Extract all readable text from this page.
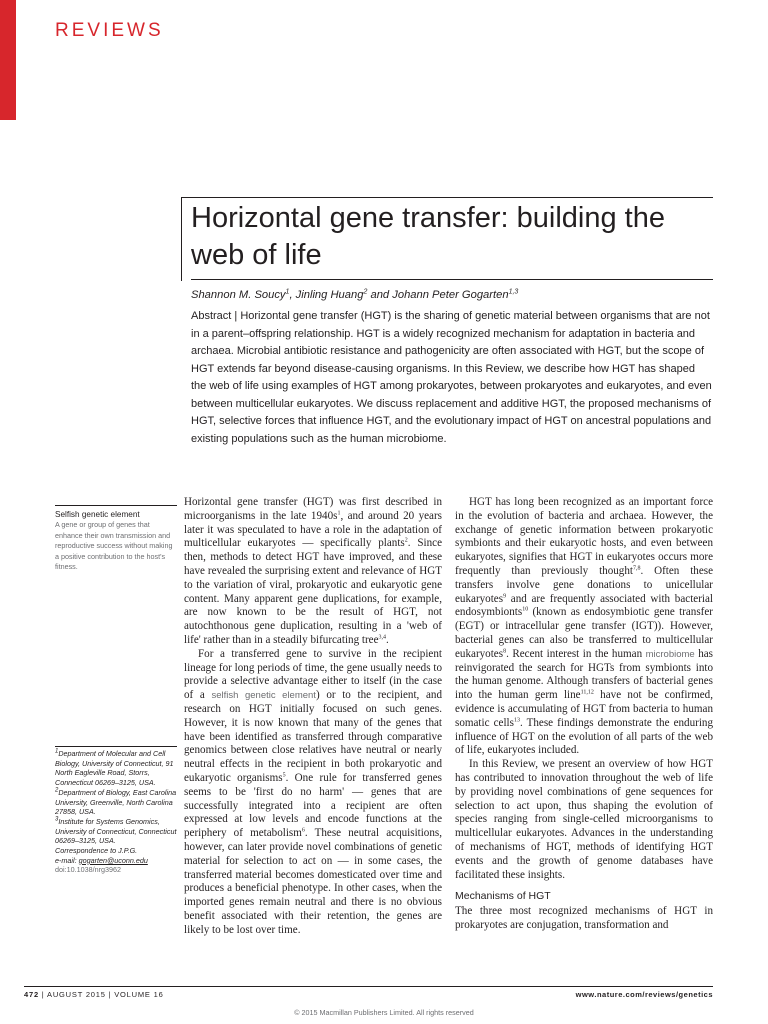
REVIEWS
Horizontal gene transfer: building the web of life
Shannon M. Soucy$^1$, Jinling Huang$^2$ and Johann Peter Gogarten$^{1,3}$
Abstract | Horizontal gene transfer (HGT) is the sharing of genetic material between organisms that are not in a parent–offspring relationship. HGT is a widely recognized mechanism for adaptation in bacteria and archaea. Microbial antibiotic resistance and pathogenicity are often associated with HGT, but the scope of HGT extends far beyond disease-causing organisms. In this Review, we describe how HGT has shaped the web of life using examples of HGT among prokaryotes, between prokaryotes and eukaryotes, and even between multicellular eukaryotes. We discuss replacement and additive HGT, the proposed mechanisms of HGT, selective forces that influence HGT, and the evolutionary impact of HGT on ancestral populations and existing populations such as the human microbiome.
Selfish genetic element
A gene or group of genes that enhance their own transmission and reproductive success without making a positive contribution to the host's fitness.
$^1$Department of Molecular and Cell Biology, University of Connecticut, 91 North Eagleville Road, Storrs, Connecticut 06269–3125, USA.
$^2$Department of Biology, East Carolina University, Greenville, North Carolina 27858, USA.
$^3$Institute for Systems Genomics, University of Connecticut, Connecticut 06269–3125, USA.
Correspondence to J.P.G.
e-mail: gogarten@uconn.edu
doi:10.1038/nrg3962

Horizontal gene transfer (HGT) was first described in microorganisms in the late $1940s^1$, and around 20 years later it was speculated to have a role in the adaptation of multicellular eukaryotes — specifically plants$^2$. Since then, methods to detect HGT have improved, and these have revealed the surprising extent and relevance of HGT to the variation of viral, prokaryotic and eukaryotic gene content. Many apparent gene duplications, for example, are now known to be the result of HGT, not autochthonous gene duplication, resulting in a 'web of life' rather than in a steadily bifurcating tree$^{3,4}$.

For a transferred gene to survive in the recipient lineage for long periods of time, the gene usually needs to provide a selective advantage either to itself (in the case of a selfish genetic element) or to the recipient, and research on HGT initially focused on such genes. However, it is now known that many of the genes that have been identified as transferred through comparative genomics between close relatives have neutral or nearly neutral effects in the recipient in both prokaryotic and eukaryotic organisms$^5$. One rule for transferred genes seems to be 'first do no harm' — genes that are successfully integrated into a recipient are often expressed at low levels and encode functions at the periphery of metabolism$^6$. These neutral acquisitions, however, can later provide novel combinations of genetic material for selection to act on — in some cases, the transferred material becomes domesticated over time and produces a beneficial phenotype. In other cases, when the imported genes remain neutral and there is no obvious benefit associated with their retention, the genes are likely to be lost over time.

HGT has long been recognized as an important force in the evolution of bacteria and archaea. However, the exchange of genetic information between prokaryotic symbionts and their eukaryotic hosts, and even between eukaryotes, signifies that HGT in eukaryotes occurs more frequently than previously thought$^{7,8}$. Often these transfers involve gene donations to unicellular eukaryotes$^9$ and are frequently associated with bacterial endosymbionts$^{10}$ (known as endosymbiotic gene transfer (EGT) or intracellular gene transfer (IGT)). However, bacterial genes can also be transferred to multicellular eukaryotes$^8$. Recent interest in the human microbiome has reinvigorated the search for HGTs from symbionts into the human genome. Although transfers of bacterial genes into the human germ line$^{11,12}$ have not be confirmed, evidence is accumulating of HGT from bacteria to human somatic cells$^{13}$. These findings demonstrate the enduring influence of HGT on the evolution of all parts of the web of life, eukaryotes included.

In this Review, we present an overview of how HGT has contributed to innovation throughout the web of life by providing novel combinations of gene sequences for selection to act upon, thus shaping the evolution of species ranging from single-celled microorganisms to multicellular eukaryotes. Advances in the understanding of mechanisms of HGT, methods of identifying HGT events and the growth of genome databases have facilitated these insights.

Mechanisms of HGT

The three most recognized mechanisms of HGT in prokaryotes are conjugation, transformation and

472 | AUGUST 2015 | VOLUME 16	www.nature.com/reviews/genetics
© 2015 Macmillan Publishers Limited. All rights reserved
